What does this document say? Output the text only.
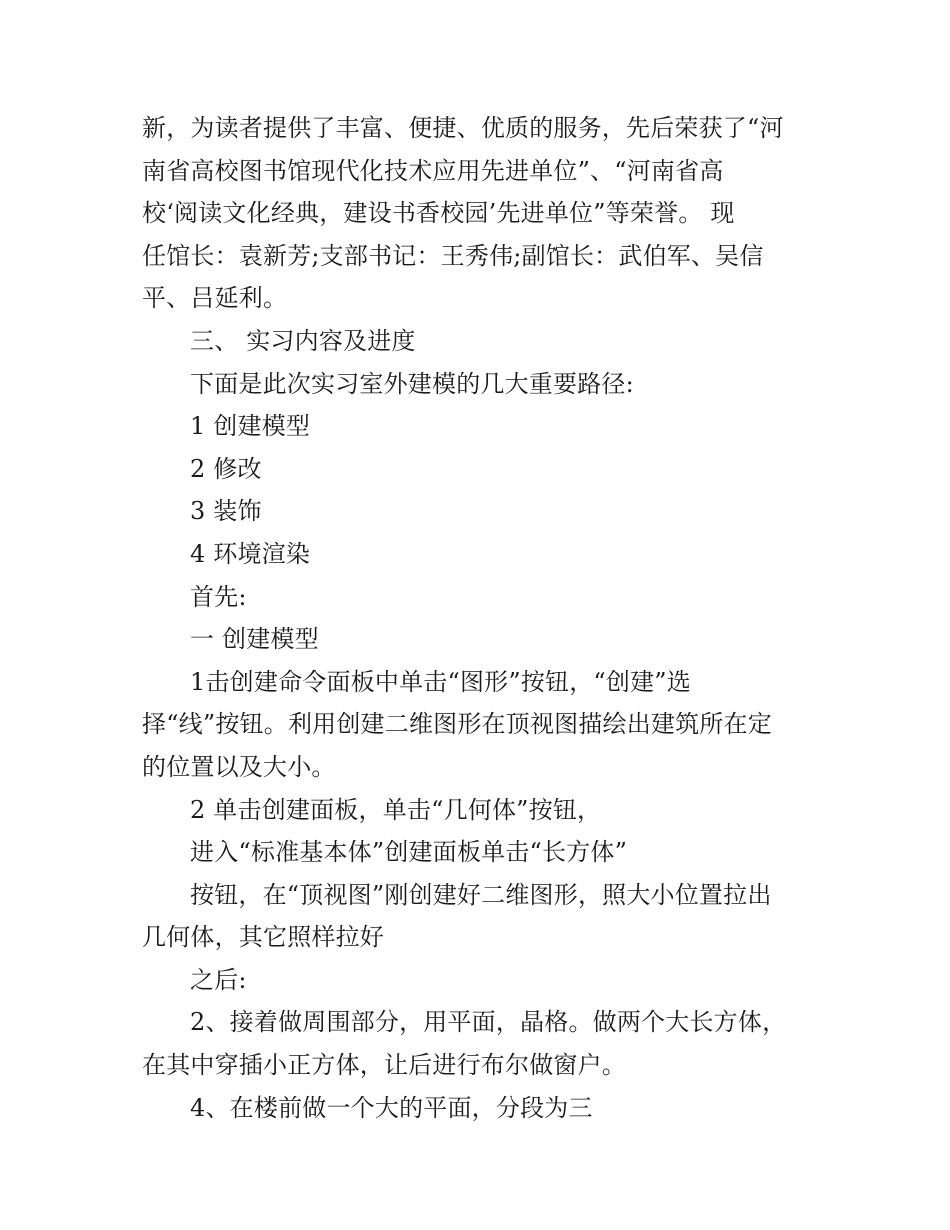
新，为读者提供了丰富、便捷、优质的服务，先后荣获了“河
南省高校图书馆现代化技术应用先进单位”、“河南省高
校‘阅读文化经典，建设书香校园’先进单位”等荣誉。 现
任馆长：袁新芳;支部书记：王秀伟;副馆长：武伯军、吴信
平、吕延利。
三、 实习内容及进度
下面是此次实习室外建模的几大重要路径:
1 创建模型
2 修改
3 装饰
4 环境渲染
首先:
一 创建模型
1击创建命令面板中单击“图形”按钮，“创建”选
择“线”按钮。利用创建二维图形在顶视图描绘出建筑所在定
的位置以及大小。
2 单击创建面板，单击“几何体”按钮，
进入“标准基本体”创建面板单击“长方体”
按钮，在“顶视图”刚创建好二维图形，照大小位置拉出
几何体，其它照样拉好
之后:
2、接着做周围部分，用平面，晶格。做两个大长方体，
在其中穿插小正方体，让后进行布尔做窗户。
4、在楼前做一个大的平面，分段为三
